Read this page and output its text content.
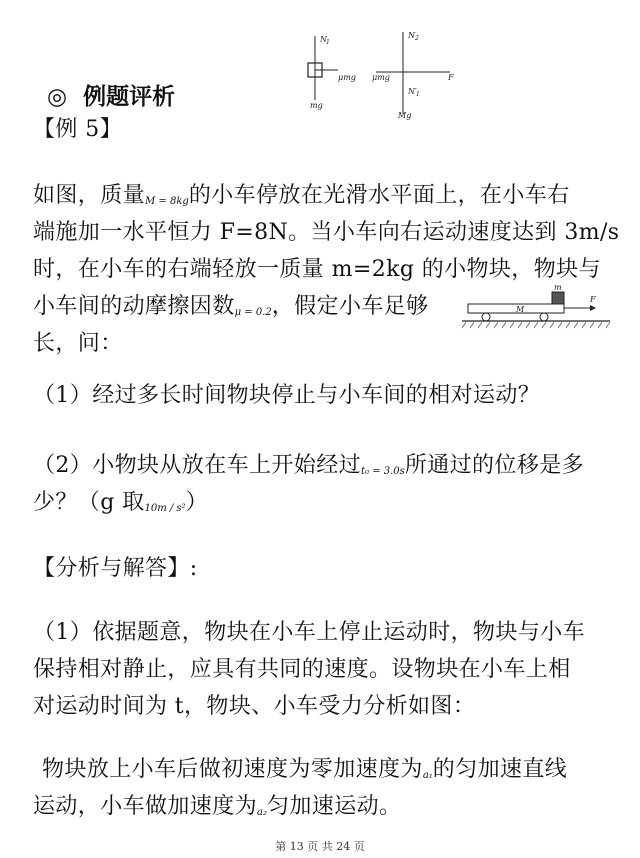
N 1
μmg
mg
N 2
μmg	F
N′ 1
Mg
◎ 例题评析
【例 5】
如图，质量M = 8kg的小车停放在光滑水平面上，在小车右
端施加一水平恒力 F=8N。当小车向右运动速度达到 3m/s
时，在小车的右端轻放一质量 m=2kg 的小物块，物块与
小车间的动摩擦因数μ = 0.2，假定小车足够
长，问：
m
M
F
（1）经过多长时间物块停止与小车间的相对运动？
（2）小物块从放在车上开始经过t₀ = 3.0s所通过的位移是多
少？（g 取10m / s²）
【分析与解答】:
（1）依据题意，物块在小车上停止运动时，物块与小车
保持相对静止，应具有共同的速度。设物块在小车上相
对运动时间为 t，物块、小车受力分析如图：
物块放上小车后做初速度为零加速度为a₁的匀加速直线
运动，小车做加速度为a₂匀加速运动。
第 13 页 共 24 页
